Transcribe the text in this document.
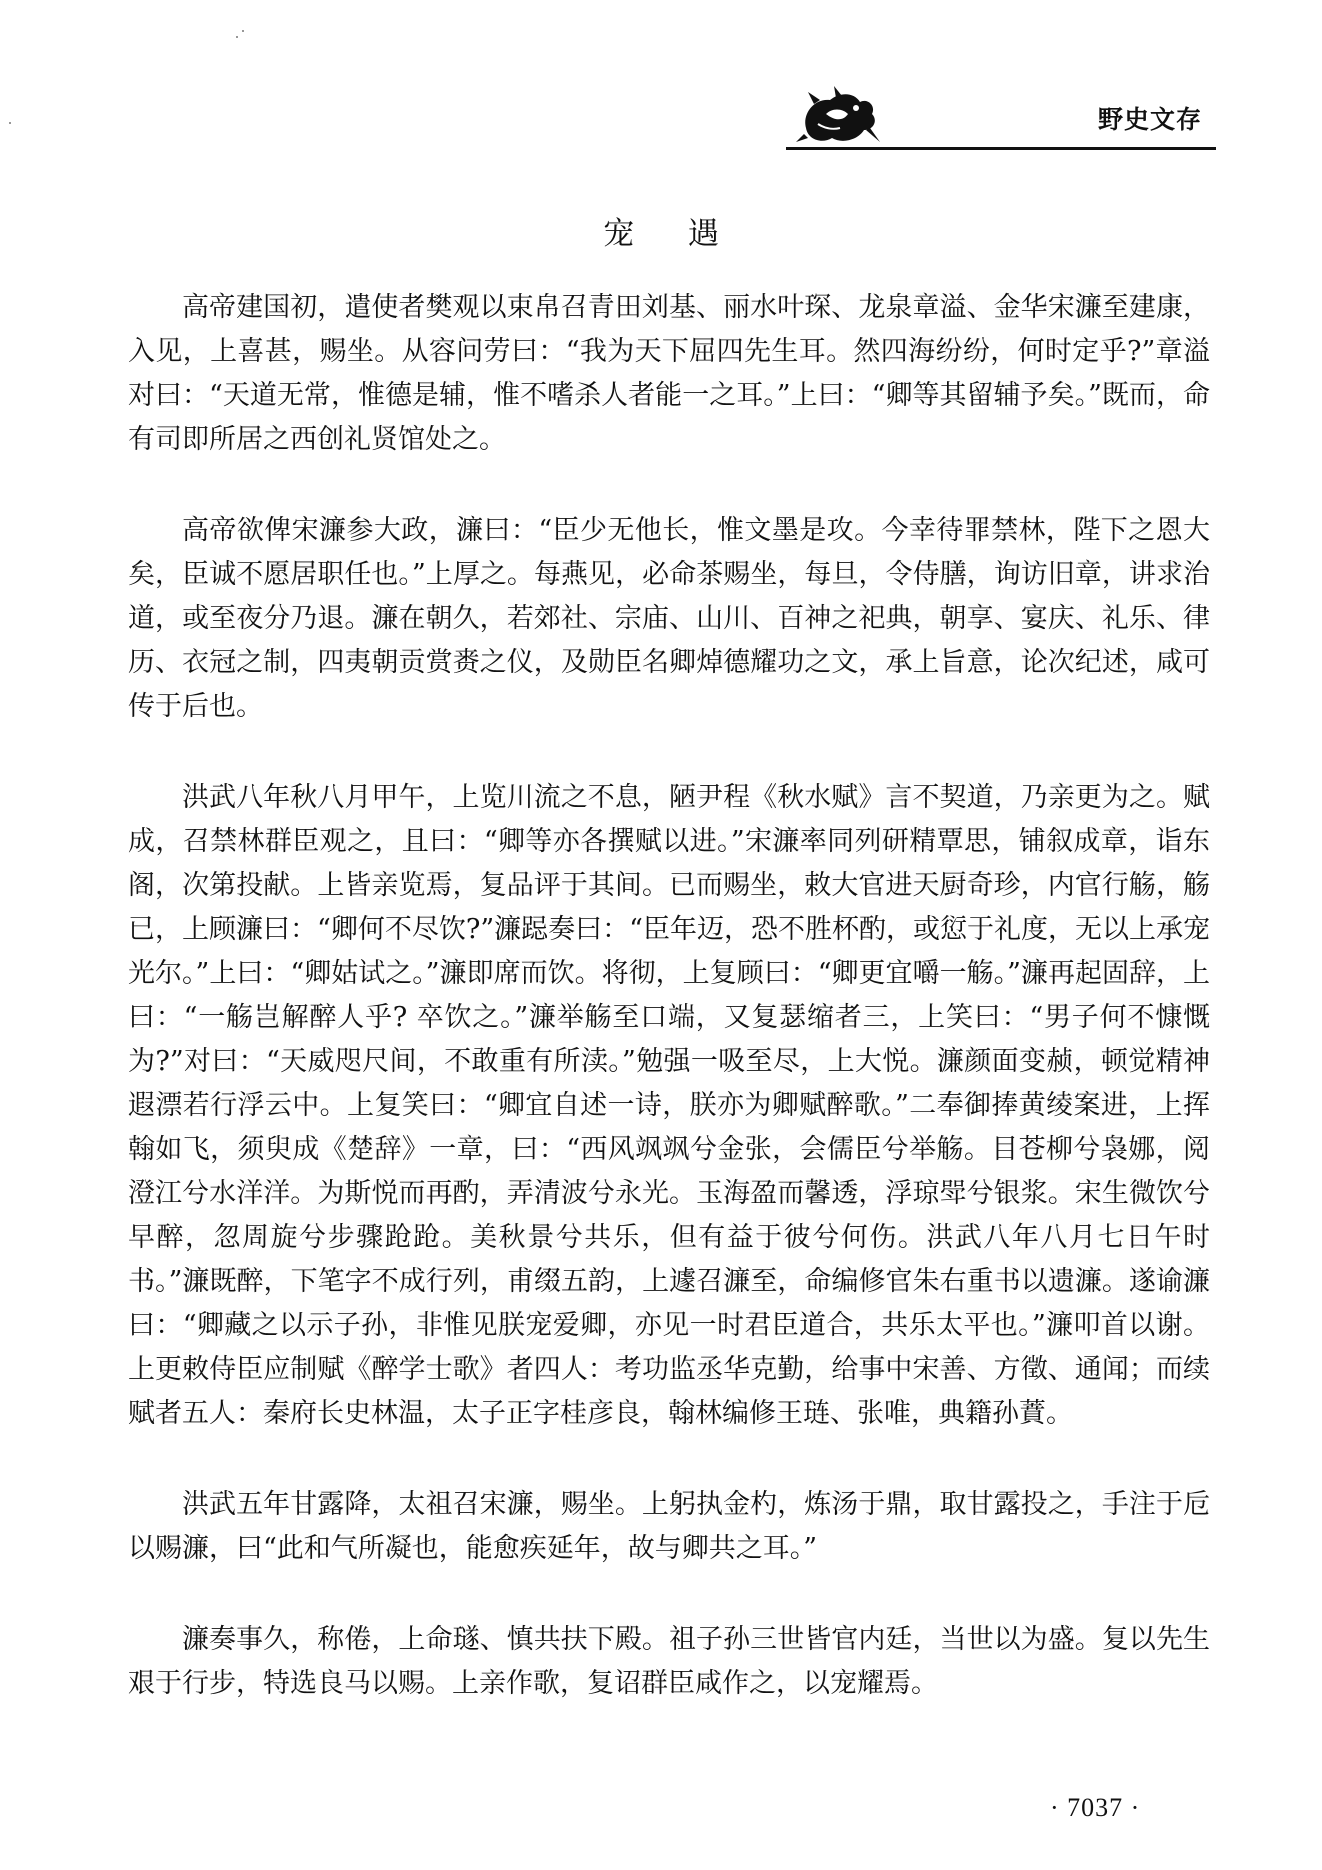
野史文存
宠 遇

高帝建国初，遣使者樊观以束帛召青田刘基、丽水叶琛、龙泉章溢、金华宋濂至建康，入见，上喜甚，赐坐。从容问劳曰：“我为天下屈四先生耳。然四海纷纷，何时定乎?”章溢对曰：“天道无常，惟德是辅，惟不嗜杀人者能一之耳。”上曰：“卿等其留辅予矣。”既而，命有司即所居之西创礼贤馆处之。

高帝欲俾宋濂参大政，濂曰：“臣少无他长，惟文墨是攻。今幸待罪禁林，陛下之恩大矣，臣诚不愿居职任也。”上厚之。每燕见，必命茶赐坐，每旦，令侍膳，询访旧章，讲求治道，或至夜分乃退。濂在朝久，若郊社、宗庙、山川、百神之祀典，朝享、宴庆、礼乐、律历、衣冠之制，四夷朝贡赏赉之仪，及勋臣名卿焯德耀功之文，承上旨意，论次纪述，咸可传于后也。

洪武八年秋八月甲午，上览川流之不息，陋尹程《秋水赋》言不契道，乃亲更为之。赋成，召禁林群臣观之，且曰：“卿等亦各撰赋以进。”宋濂率同列研精覃思，铺叙成章，诣东阁，次第投献。上皆亲览焉，复品评于其间。已而赐坐，敕大官进天厨奇珍，内官行觞，觞已，上顾濂曰：“卿何不尽饮?”濂跽奏曰：“臣年迈，恐不胜杯酌，或愆于礼度，无以上承宠光尔。”上曰：“卿姑试之。”濂即席而饮。将彻，上复顾曰：“卿更宜嚼一觞。”濂再起固辞，上曰：“一觞岂解醉人乎? 卒饮之。”濂举觞至口端，又复瑟缩者三，上笑曰：“男子何不慷慨为?”对曰：“天威咫尺间，不敢重有所渎。”勉强一吸至尽，上大悦。濂颜面变赪，顿觉精神遐漂若行浮云中。上复笑曰：“卿宜自述一诗，朕亦为卿赋醉歌。”二奉御捧黄绫案进，上挥翰如飞，须臾成《楚辞》一章，曰：“西风飒飒兮金张，会儒臣兮举觞。目苍柳兮袅娜，阅澄江兮水洋洋。为斯悦而再酌，弄清波兮永光。玉海盈而馨透，浮琼斝兮银浆。宋生微饮兮早醉，忽周旋兮步骤跄跄。美秋景兮共乐，但有益于彼兮何伤。洪武八年八月七日午时书。”濂既醉，下笔字不成行列，甫缀五韵，上遽召濂至，命编修官朱右重书以遗濂。遂谕濂曰：“卿藏之以示子孙，非惟见朕宠爱卿，亦见一时君臣道合，共乐太平也。”濂叩首以谢。上更敕侍臣应制赋《醉学士歌》者四人：考功监丞华克勤，给事中宋善、方徵、通闻；而续赋者五人：秦府长史林温，太子正字桂彦良，翰林编修王琏、张唯，典籍孙蕡。

洪武五年甘露降，太祖召宋濂，赐坐。上躬执金杓，炼汤于鼎，取甘露投之，手注于卮以赐濂，曰“此和气所凝也，能愈疾延年，故与卿共之耳。”

濂奏事久，称倦，上命璲、慎共扶下殿。祖子孙三世皆官内廷，当世以为盛。复以先生艰于行步，特选良马以赐。上亲作歌，复诏群臣咸作之，以宠耀焉。

· 7037 ·
